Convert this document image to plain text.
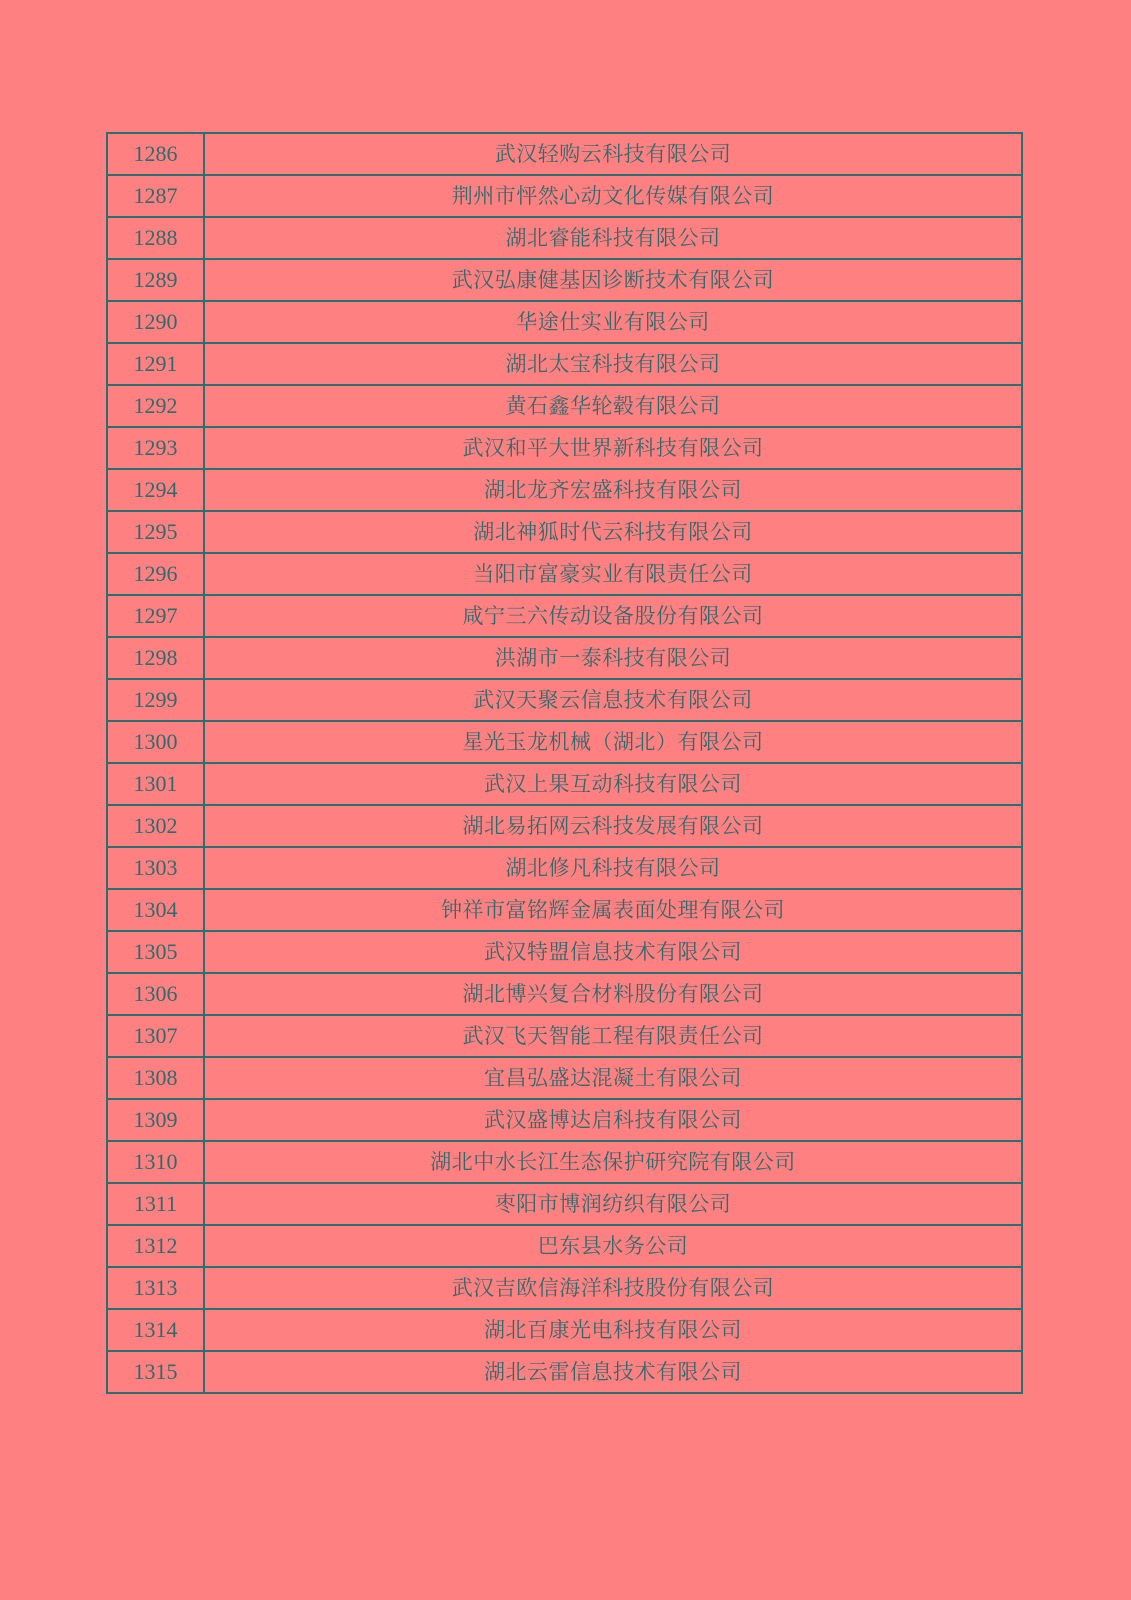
1286	武汉轻购云科技有限公司
1287	荆州市怦然心动文化传媒有限公司
1288	湖北睿能科技有限公司
1289	武汉弘康健基因诊断技术有限公司
1290	华途仕实业有限公司
1291	湖北太宝科技有限公司
1292	黄石鑫华轮毂有限公司
1293	武汉和平大世界新科技有限公司
1294	湖北龙齐宏盛科技有限公司
1295	湖北神狐时代云科技有限公司
1296	当阳市富豪实业有限责任公司
1297	咸宁三六传动设备股份有限公司
1298	洪湖市一泰科技有限公司
1299	武汉天聚云信息技术有限公司
1300	星光玉龙机械（湖北）有限公司
1301	武汉上果互动科技有限公司
1302	湖北易拓网云科技发展有限公司
1303	湖北修凡科技有限公司
1304	钟祥市富铭辉金属表面处理有限公司
1305	武汉特盟信息技术有限公司
1306	湖北博兴复合材料股份有限公司
1307	武汉飞天智能工程有限责任公司
1308	宜昌弘盛达混凝土有限公司
1309	武汉盛博达启科技有限公司
1310	湖北中水长江生态保护研究院有限公司
1311	枣阳市博润纺织有限公司
1312	巴东县水务公司
1313	武汉吉欧信海洋科技股份有限公司
1314	湖北百康光电科技有限公司
1315	湖北云雷信息技术有限公司
